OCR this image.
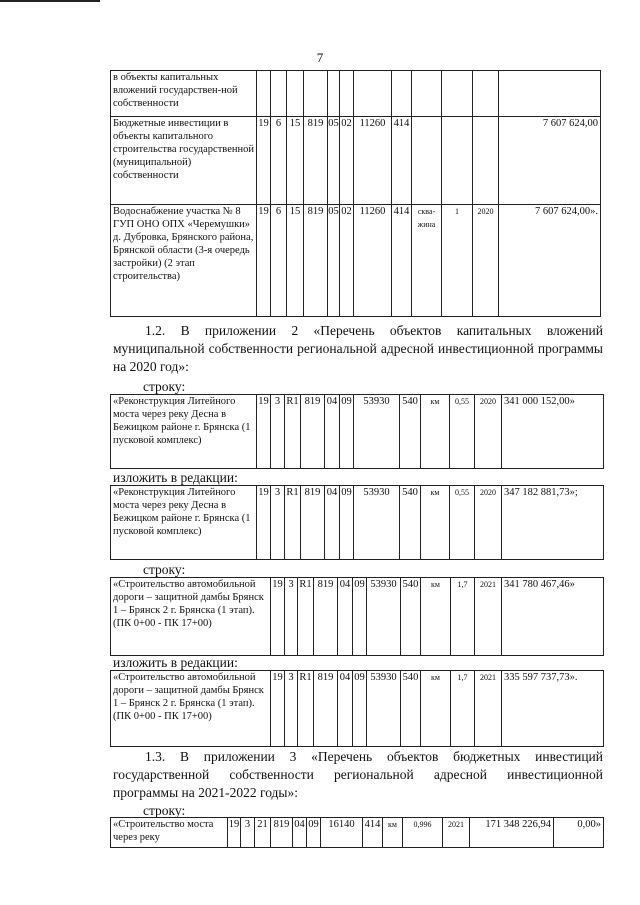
7
в объекты капитальных вложений государствен-ной собственности												
Бюджетные инвестиции в объекты капитального строительства государственной (муниципальной) собственности	19	6	15	819	05	02	11260	414				7 607 624,00
Водоснабжение участка № 8 ГУП ОНО ОПХ «Черемушки» д. Дубровка, Брянского района, Брянской области (3-я очередь застройки) (2 этап строительства)	19	6	15	819	05	02	11260	414	сква-жина	1	2020	7 607 624,00».
1.2. В приложении 2 «Перечень объектов капитальных вложений муниципальной собственности региональной адресной инвестиционной программы на 2020 год»:
строку:
«Реконструкция Литейного моста через реку Десна в Бежицком районе г. Брянска (1 пусковой комплекс)	19	3	R1	819	04	09	53930	540	км	0,55	2020	341 000 152,00»
изложить в редакции:
«Реконструкция Литейного моста через реку Десна в Бежицком районе г. Брянска (1 пусковой комплекс)	19	3	R1	819	04	09	53930	540	км	0,55	2020	347 182 881,73»;
строку:
«Строительство автомобильной дороги – защитной дамбы Брянск 1 – Брянск 2 г. Брянска (1 этап). (ПК 0+00 - ПК 17+00)	19	3	R1	819	04	09	53930	540	км	1,7	2021	341 780 467,46»
изложить в редакции:
«Строительство автомобильной дороги – защитной дамбы Брянск 1 – Брянск 2 г. Брянска (1 этап). (ПК 0+00 - ПК 17+00)	19	3	R1	819	04	09	53930	540	км	1,7	2021	335 597 737,73».
1.3. В приложении 3 «Перечень объектов бюджетных инвестиций государственной собственности региональной адресной инвестиционной программы на 2021-2022 годы»:
строку:
«Строительство моста через реку	19	3	21	819	04	09	16140	414	км	0,996	2021	171 348 226,94	0,00»
